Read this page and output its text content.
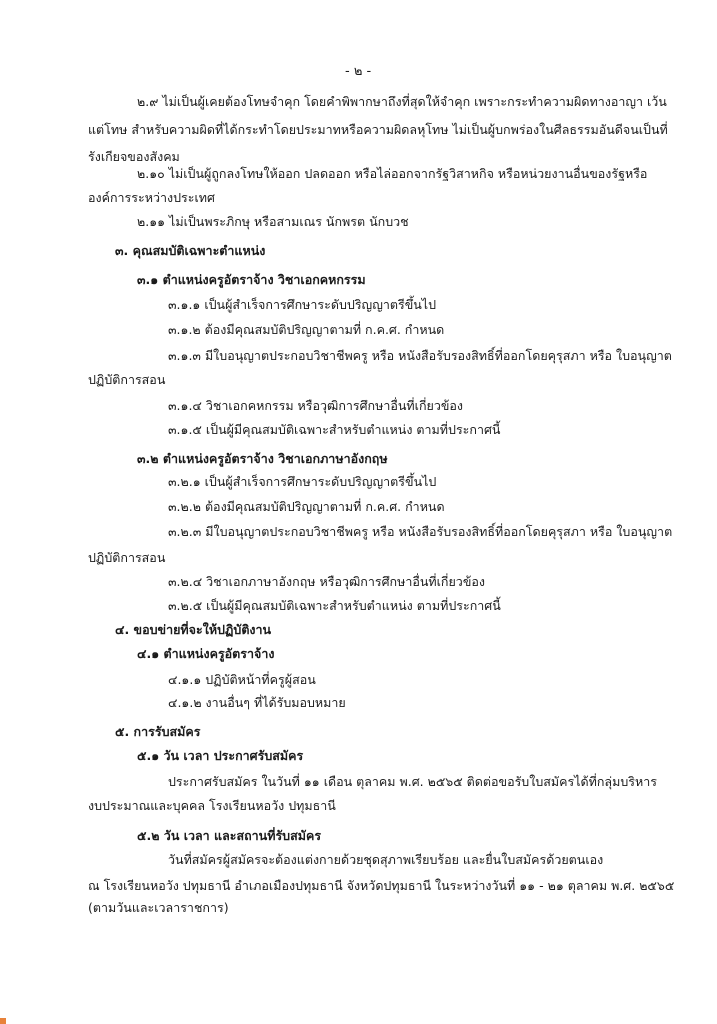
- ๒ -
๒.๙ ไม่เป็นผู้เคยต้องโทษจำคุก โดยคำพิพากษาถึงที่สุดให้จำคุก เพราะกระทำความผิดทางอาญา เว้น
แต่โทษ สำหรับความผิดที่ได้กระทำโดยประมาทหรือความผิดลหุโทษ ไม่เป็นผู้บกพร่องในศีลธรรมอันดีจนเป็นที่
รังเกียจของสังคม
๒.๑๐ ไม่เป็นผู้ถูกลงโทษให้ออก ปลดออก หรือไล่ออกจากรัฐวิสาหกิจ หรือหน่วยงานอื่นของรัฐหรือ
องค์การระหว่างประเทศ
๒.๑๑ ไม่เป็นพระภิกษุ หรือสามเณร นักพรต นักบวช
๓. คุณสมบัติเฉพาะตำแหน่ง
๓.๑ ตำแหน่งครูอัตราจ้าง วิชาเอกคหกรรม
๓.๑.๑ เป็นผู้สำเร็จการศึกษาระดับปริญญาตรีขึ้นไป
๓.๑.๒ ต้องมีคุณสมบัติปริญญาตามที่ ก.ค.ศ. กำหนด
๓.๑.๓ มีใบอนุญาตประกอบวิชาชีพครู หรือ หนังสือรับรองสิทธิ์ที่ออกโดยคุรุสภา หรือ ใบอนุญาต
ปฏิบัติการสอน
๓.๑.๔ วิชาเอกคหกรรม หรือวุฒิการศึกษาอื่นที่เกี่ยวข้อง
๓.๑.๕ เป็นผู้มีคุณสมบัติเฉพาะสำหรับตำแหน่ง ตามที่ประกาศนี้
๓.๒ ตำแหน่งครูอัตราจ้าง วิชาเอกภาษาอังกฤษ
๓.๒.๑ เป็นผู้สำเร็จการศึกษาระดับปริญญาตรีขึ้นไป
๓.๒.๒ ต้องมีคุณสมบัติปริญญาตามที่ ก.ค.ศ. กำหนด
๓.๒.๓ มีใบอนุญาตประกอบวิชาชีพครู หรือ หนังสือรับรองสิทธิ์ที่ออกโดยคุรุสภา หรือ ใบอนุญาต
ปฏิบัติการสอน
๓.๒.๔ วิชาเอกภาษาอังกฤษ หรือวุฒิการศึกษาอื่นที่เกี่ยวข้อง
๓.๒.๕ เป็นผู้มีคุณสมบัติเฉพาะสำหรับตำแหน่ง ตามที่ประกาศนี้
๔. ขอบข่ายที่จะให้ปฏิบัติงาน
๔.๑ ตำแหน่งครูอัตราจ้าง
๔.๑.๑ ปฏิบัติหน้าที่ครูผู้สอน
๔.๑.๒ งานอื่นๆ ที่ได้รับมอบหมาย
๕. การรับสมัคร
๕.๑ วัน เวลา ประกาศรับสมัคร
ประกาศรับสมัคร ในวันที่ ๑๑ เดือน ตุลาคม พ.ศ. ๒๕๖๕ ติดต่อขอรับใบสมัครได้ที่กลุ่มบริหาร
งบประมาณและบุคคล โรงเรียนหอวัง ปทุมธานี
๕.๒ วัน เวลา และสถานที่รับสมัคร
วันที่สมัครผู้สมัครจะต้องแต่งกายด้วยชุดสุภาพเรียบร้อย และยื่นใบสมัครด้วยตนเอง
ณ โรงเรียนหอวัง ปทุมธานี อำเภอเมืองปทุมธานี จังหวัดปทุมธานี ในระหว่างวันที่ ๑๑ - ๒๑ ตุลาคม พ.ศ. ๒๕๖๕
(ตามวันและเวลาราชการ)
